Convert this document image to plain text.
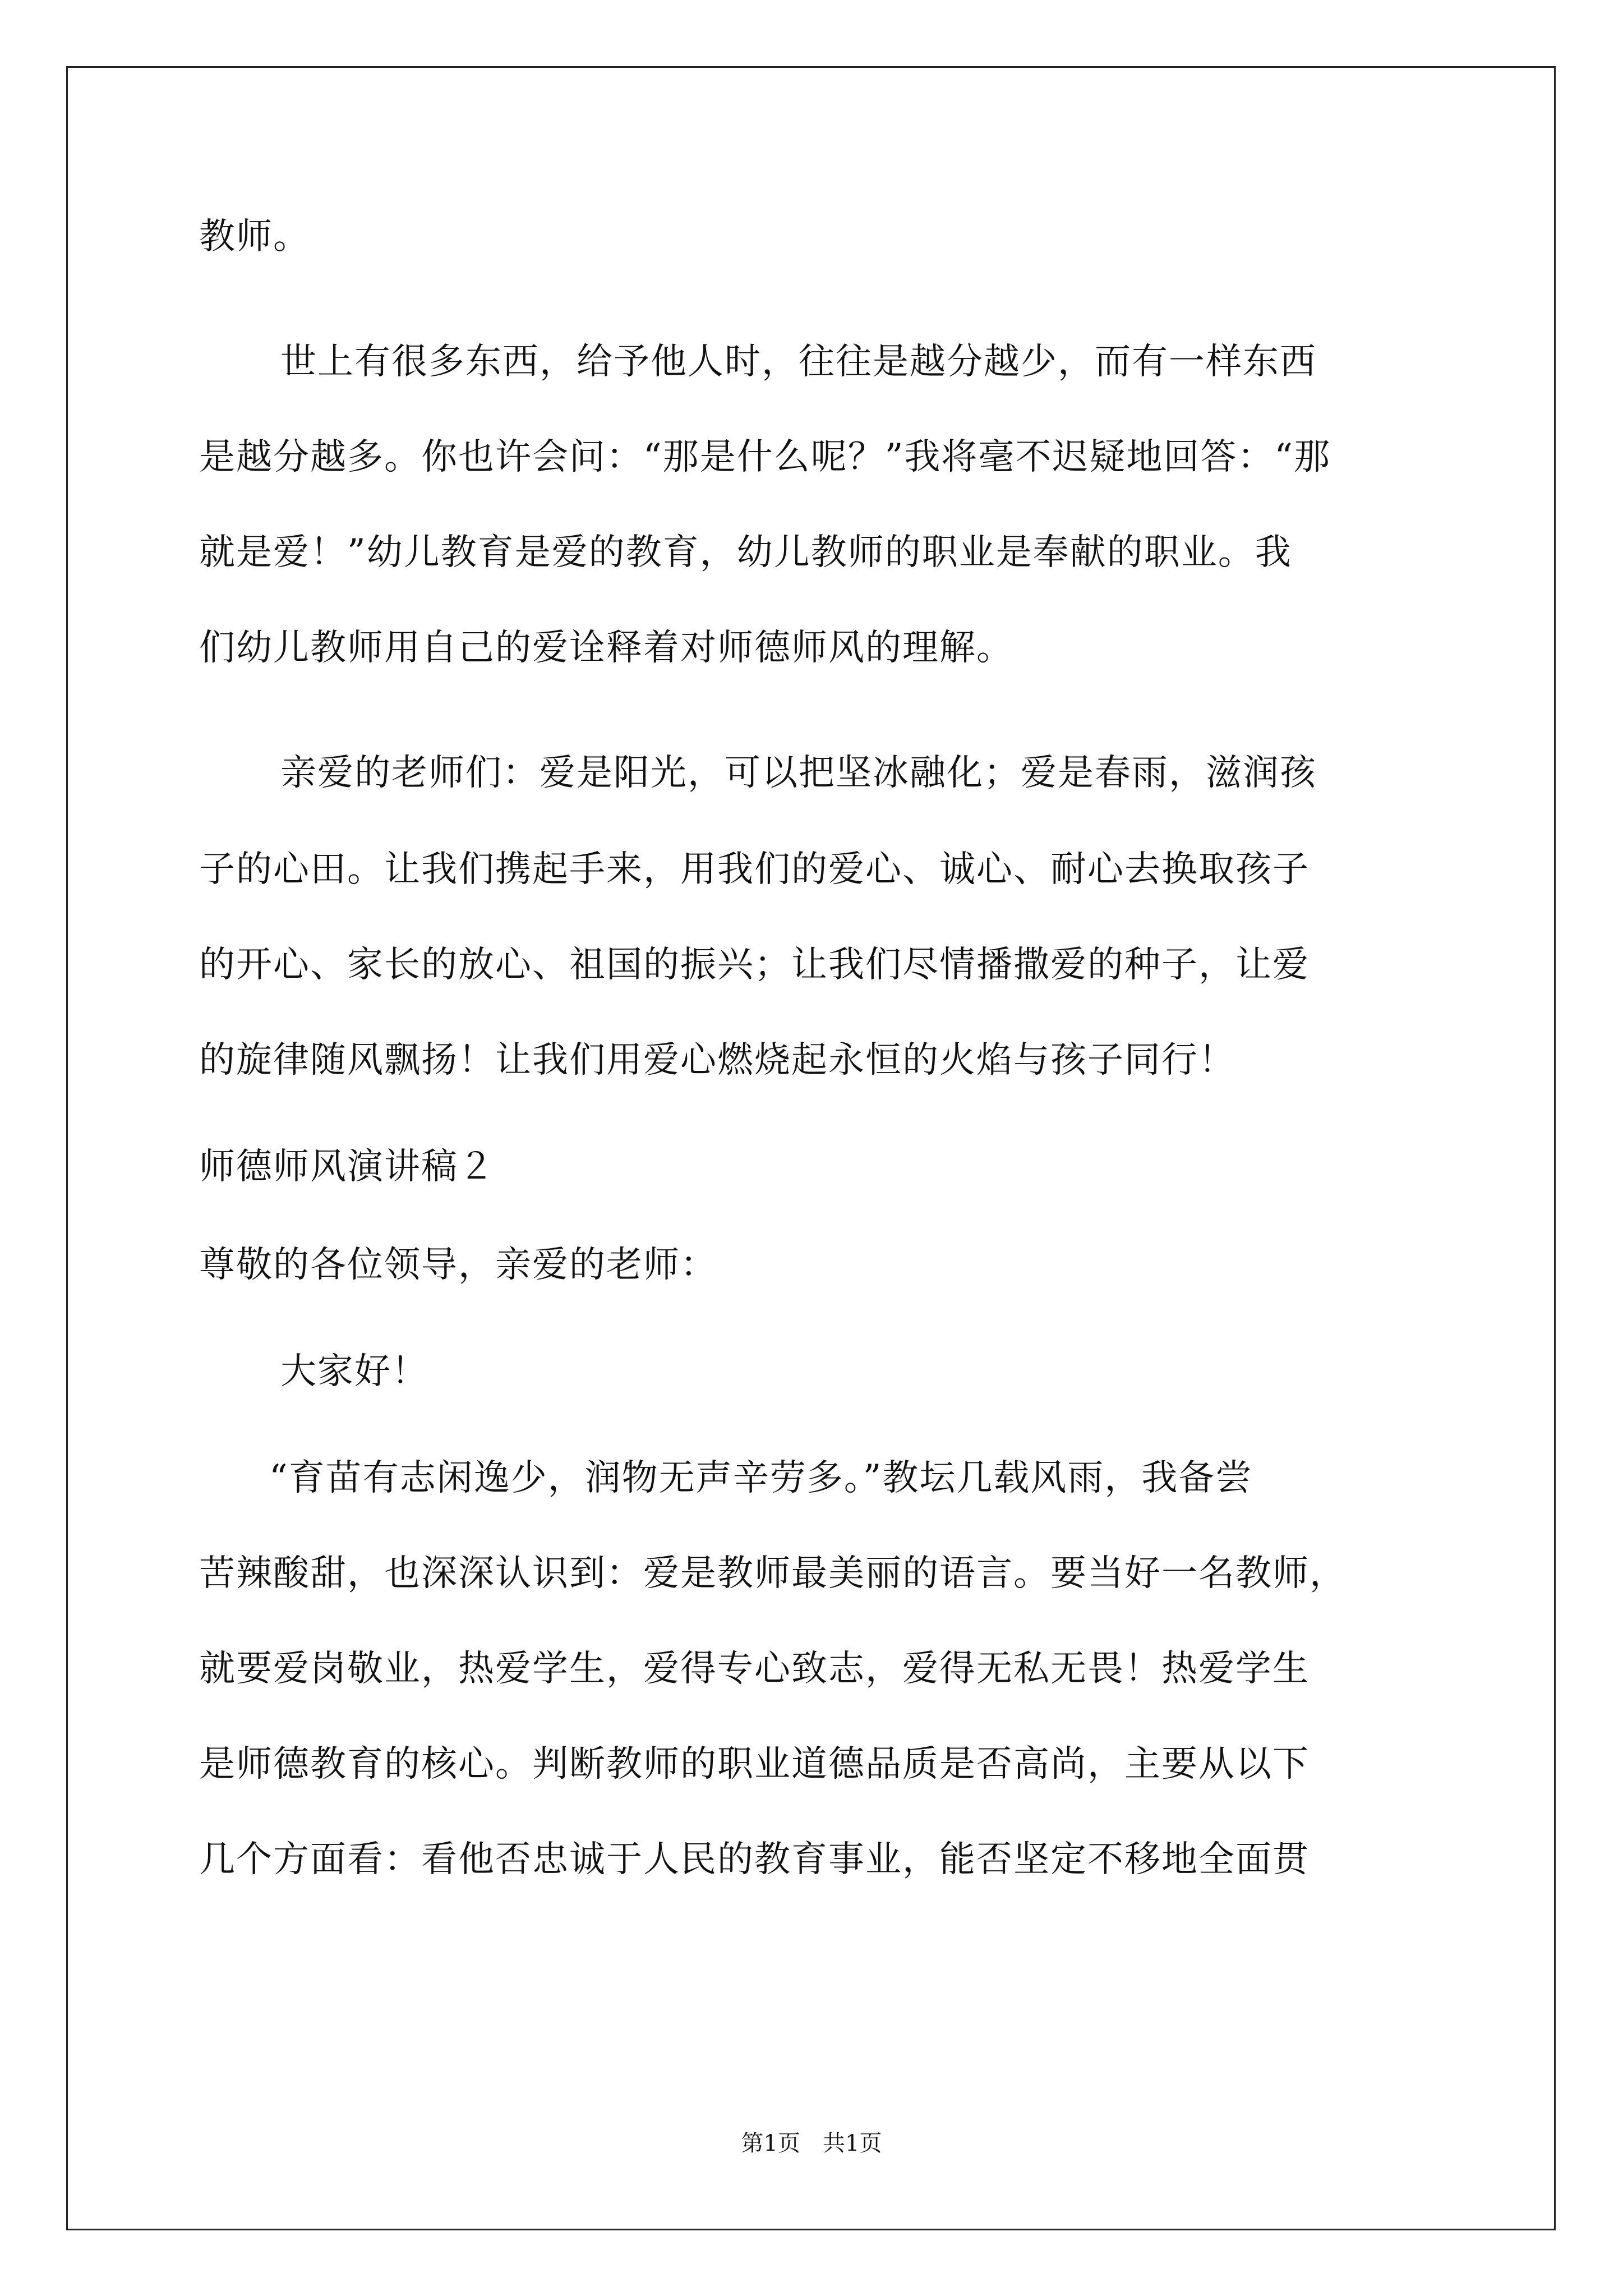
教师。
世上有很多东西，给予他人时，往往是越分越少，而有一样东西
是越分越多。你也许会问：“那是什么呢？”我将毫不迟疑地回答：“那
就是爱！”幼儿教育是爱的教育，幼儿教师的职业是奉献的职业。我
们幼儿教师用自己的爱诠释着对师德师风的理解。
亲爱的老师们：爱是阳光，可以把坚冰融化；爱是春雨，滋润孩
子的心田。让我们携起手来，用我们的爱心、诚心、耐心去换取孩子
的开心、家长的放心、祖国的振兴；让我们尽情播撒爱的种子，让爱
的旋律随风飘扬！让我们用爱心燃烧起永恒的火焰与孩子同行！
师德师风演讲稿２
尊敬的各位领导，亲爱的老师：
大家好！
“育苗有志闲逸少，润物无声辛劳多。”教坛几载风雨，我备尝
苦辣酸甜，也深深认识到：爱是教师最美丽的语言。要当好一名教师，
就要爱岗敬业，热爱学生，爱得专心致志，爱得无私无畏！热爱学生
是师德教育的核心。判断教师的职业道德品质是否高尚，主要从以下
几个方面看：看他否忠诚于人民的教育事业，能否坚定不移地全面贯
第1页　共1页
